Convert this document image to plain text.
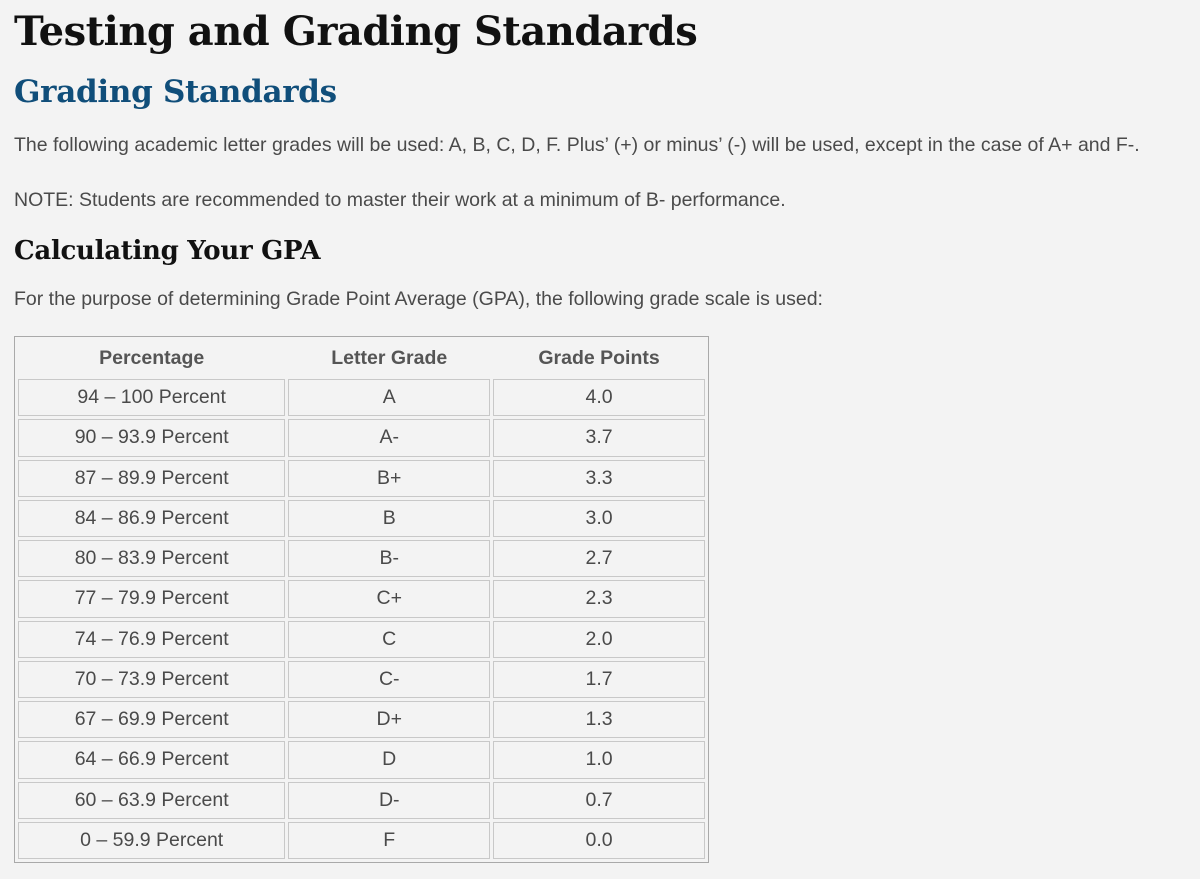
Testing and Grading Standards
Grading Standards

The following academic letter grades will be used: A, B, C, D, F. Plus’ (+) or minus’ (-) will be used, except in the case of A+ and F-.

NOTE: Students are recommended to master their work at a minimum of B- performance.

Calculating Your GPA

For the purpose of determining Grade Point Average (GPA), the following grade scale is used:

Percentage	Letter Grade	Grade Points
94 – 100 Percent	A	4.0
90 – 93.9 Percent	A-	3.7
87 – 89.9 Percent	B+	3.3
84 – 86.9 Percent	B	3.0
80 – 83.9 Percent	B-	2.7
77 – 79.9 Percent	C+	2.3
74 – 76.9 Percent	C	2.0
70 – 73.9 Percent	C-	1.7
67 – 69.9 Percent	D+	1.3
64 – 66.9 Percent	D	1.0
60 – 63.9 Percent	D-	0.7
0 – 59.9 Percent	F	0.0
